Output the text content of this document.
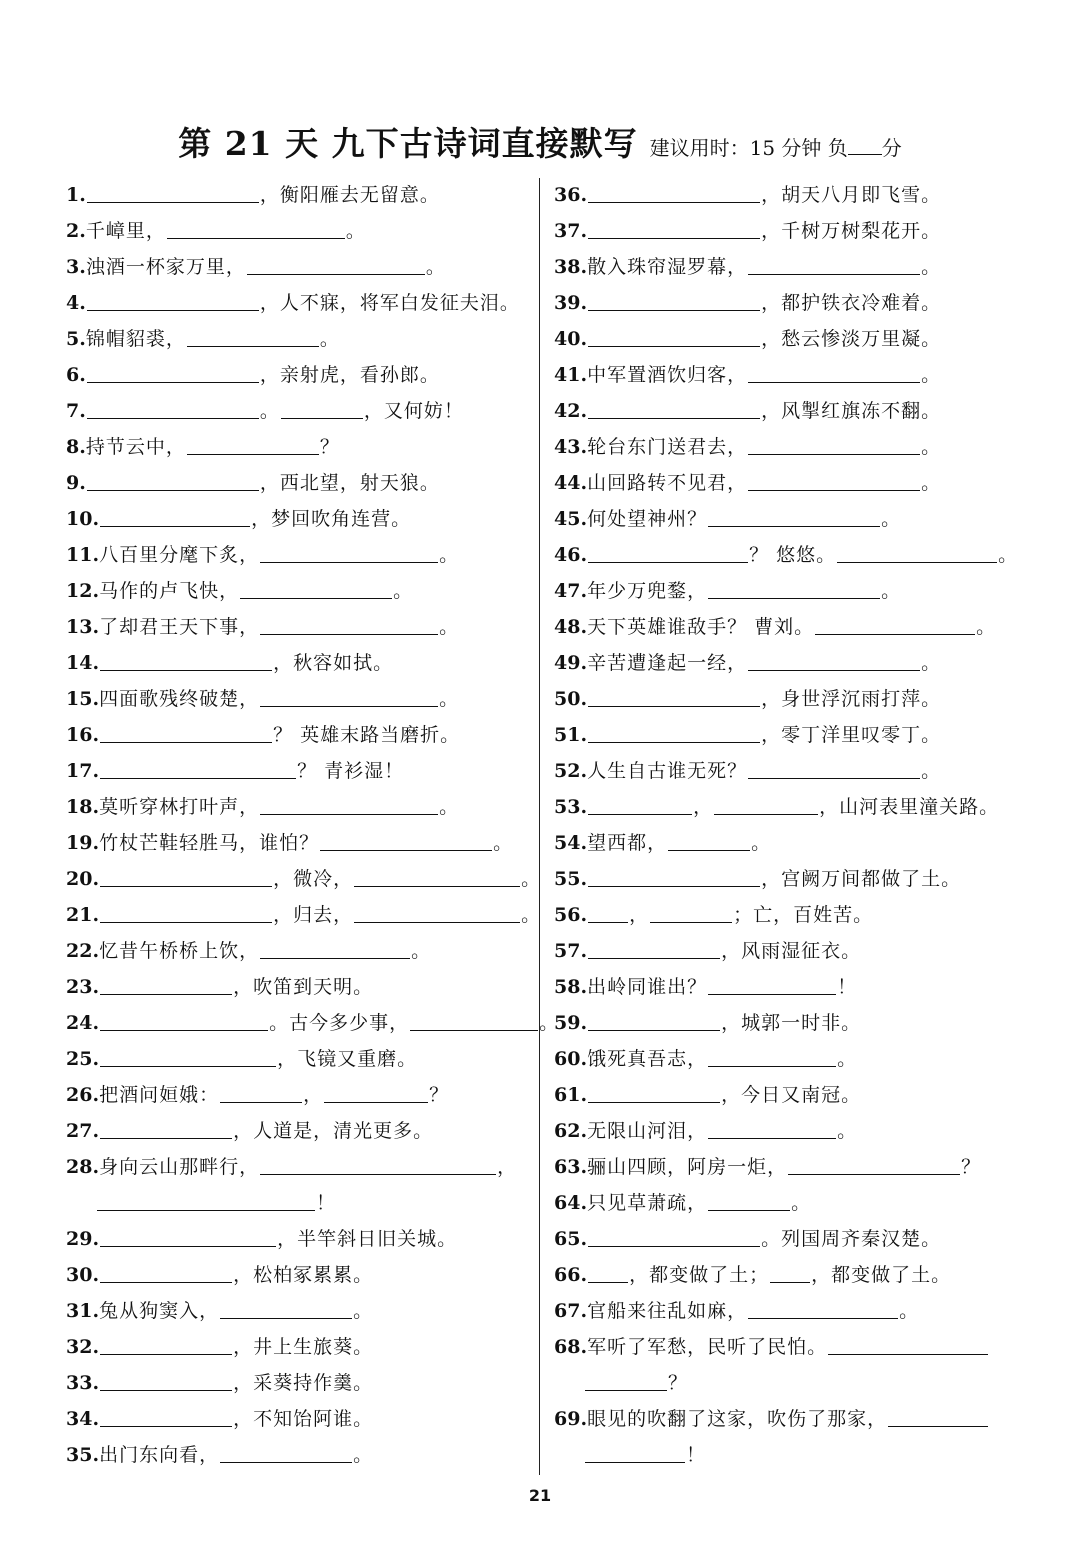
第 21 天 九下古诗词直接默写 建议用时：15 分钟 负 分
1.	，衡阳雁去无留意。
2.千嶂里，	。
3.浊酒一杯家万里，	。
4.	，人不寐，将军白发征夫泪。
5.锦帽貂裘，	。
6.	，亲射虎，看孙郎。
7.	。	，又何妨！
8.持节云中，	？
9.	，西北望，射天狼。
10.	，梦回吹角连营。
11.八百里分麾下炙，	。
12.马作的卢飞快，	。
13.了却君王天下事，	。
14.	，秋容如拭。
15.四面歌残终破楚，	。
16.	？ 英雄末路当磨折。
17.	？ 青衫湿！
18.莫听穿林打叶声，	。
19.竹杖芒鞋轻胜马，谁怕？	。
20.	，微冷，	。
21.	，归去，	。
22.忆昔午桥桥上饮，	。
23.	，吹笛到天明。
24.	。古今多少事，	。
25.	，飞镜又重磨。
26.把酒问姮娥：	，	？
27.	，人道是，清光更多。
28.身向云山那畔行，	，
！
29.	，半竿斜日旧关城。
30.	，松柏冢累累。
31.兔从狗窦入，	。
32.	，井上生旅葵。
33.	，采葵持作羹。
34.	，不知饴阿谁。
35.出门东向看，	。
36.	，胡天八月即飞雪。
37.	，千树万树梨花开。
38.散入珠帘湿罗幕，	。
39.	，都护铁衣冷难着。
40.	，愁云惨淡万里凝。
41.中军置酒饮归客，	。
42.	，风掣红旗冻不翻。
43.轮台东门送君去，	。
44.山回路转不见君，	。
45.何处望神州？	。
46.	？ 悠悠。	。
47.年少万兜鍪，	。
48.天下英雄谁敌手？ 曹刘。	。
49.辛苦遭逢起一经，	。
50.	，身世浮沉雨打萍。
51.	，零丁洋里叹零丁。
52.人生自古谁无死？	。
53.	，	，山河表里潼关路。
54.望西都，	。
55.	，宫阙万间都做了土。
56. ，	；亡，百姓苦。
57.	，风雨湿征衣。
58.出岭同谁出？	！
59.	，城郭一时非。
60.饿死真吾志，	。
61.	，今日又南冠。
62.无限山河泪，	。
63.骊山四顾，阿房一炬，	？
64.只见草萧疏，	。
65.	。列国周齐秦汉楚。
66. ，都变做了土； ，都变做了土。
67.官船来往乱如麻，	。
68.军听了军愁，民听了民怕。
？
69.眼见的吹翻了这家，吹伤了那家，
！
21
